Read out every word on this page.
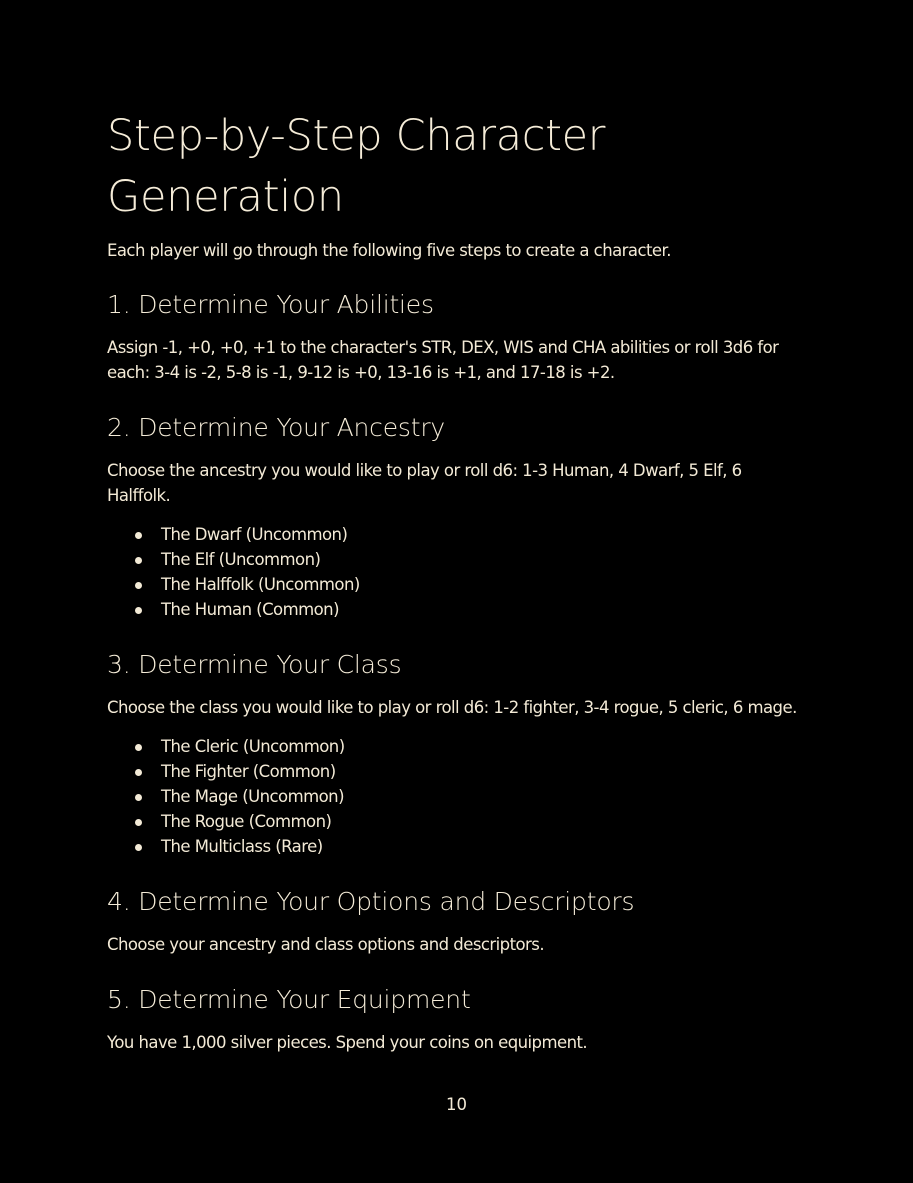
Step-by-Step Character Generation

Each player will go through the following five steps to create a character.

1. Determine Your Abilities

Assign -1, +0, +0, +1 to the character's STR, DEX, WIS and CHA abilities or roll 3d6 for each: 3-4 is -2, 5-8 is -1, 9-12 is +0, 13-16 is +1, and 17-18 is +2.

2. Determine Your Ancestry

Choose the ancestry you would like to play or roll d6: 1-3 Human, 4 Dwarf, 5 Elf, 6 Halffolk.

The Dwarf (Uncommon)
The Elf (Uncommon)
The Halffolk (Uncommon)
The Human (Common)
3. Determine Your Class

Choose the class you would like to play or roll d6: 1-2 fighter, 3-4 rogue, 5 cleric, 6 mage.

The Cleric (Uncommon)
The Fighter (Common)
The Mage (Uncommon)
The Rogue (Common)
The Multiclass (Rare)
4. Determine Your Options and Descriptors

Choose your ancestry and class options and descriptors.

5. Determine Your Equipment

You have 1,000 silver pieces. Spend your coins on equipment.

10
